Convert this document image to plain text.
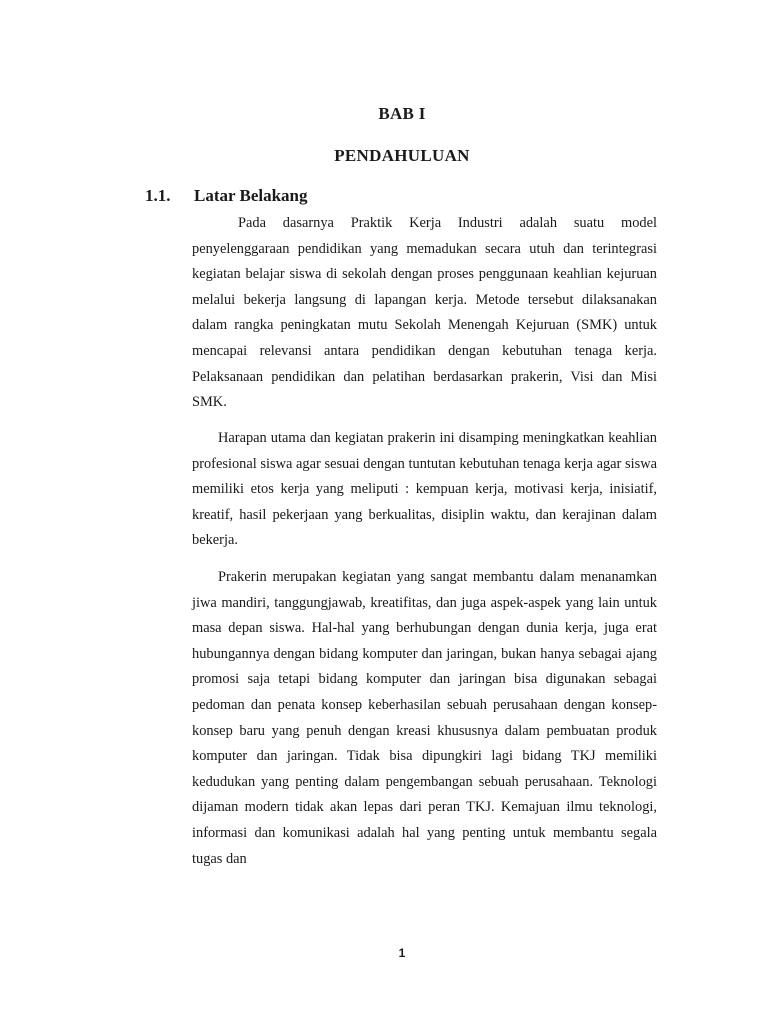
BAB I
PENDAHULUAN
1.1. Latar Belakang

Pada dasarnya Praktik Kerja Industri adalah suatu model penyelenggaraan pendidikan yang memadukan secara utuh dan terintegrasi kegiatan belajar siswa di sekolah dengan proses penggunaan keahlian kejuruan melalui bekerja langsung di lapangan kerja. Metode tersebut dilaksanakan dalam rangka peningkatan mutu Sekolah Menengah Kejuruan (SMK) untuk mencapai relevansi antara pendidikan dengan kebutuhan tenaga kerja. Pelaksanaan pendidikan dan pelatihan berdasarkan prakerin, Visi dan Misi SMK.

Harapan utama dan kegiatan prakerin ini disamping meningkatkan keahlian profesional siswa agar sesuai dengan tuntutan kebutuhan tenaga kerja agar siswa memiliki etos kerja yang meliputi : kempuan kerja, motivasi kerja, inisiatif, kreatif, hasil pekerjaan yang berkualitas, disiplin waktu, dan kerajinan dalam bekerja.

Prakerin merupakan kegiatan yang sangat membantu dalam menanamkan jiwa mandiri, tanggungjawab, kreatifitas, dan juga aspek-aspek yang lain untuk masa depan siswa. Hal-hal yang berhubungan dengan dunia kerja, juga erat hubungannya dengan bidang komputer dan jaringan, bukan hanya sebagai ajang promosi saja tetapi bidang komputer dan jaringan bisa digunakan sebagai pedoman dan penata konsep keberhasilan sebuah perusahaan dengan konsep-konsep baru yang penuh dengan kreasi khususnya dalam pembuatan produk komputer dan jaringan. Tidak bisa dipungkiri lagi bidang TKJ memiliki kedudukan yang penting dalam pengembangan sebuah perusahaan. Teknologi dijaman modern tidak akan lepas dari peran TKJ. Kemajuan ilmu teknologi, informasi dan komunikasi adalah hal yang penting untuk membantu segala tugas dan

1
